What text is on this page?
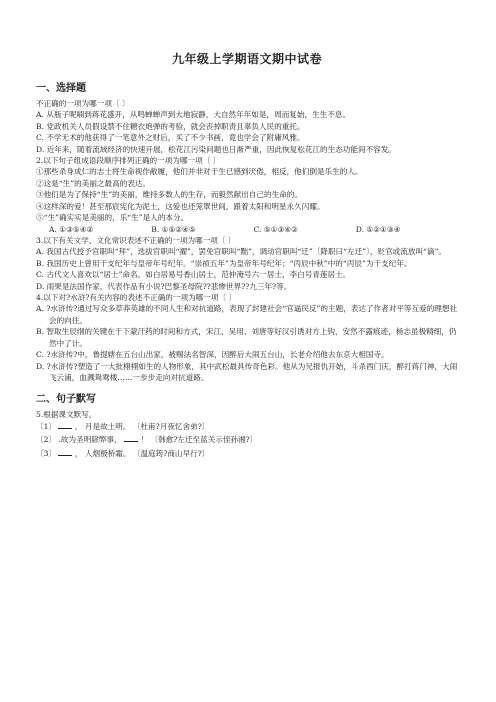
九年级上学期语文期中试卷
一、选择题

不正确的一项为哪一项〔 〕

A. 从瓶子呢喃到蒋花盛开，从鸣蝉蝉声到大地寂静，大自然年年如是，周而复始，生生不息。

B. 党政机关人员假设禁不住糖衣炮弹的考验，就会丧掉职责且辜负人民的重托。

C. 不学无术的他获得了一笔意外之财后，买了不少书画，竟也学会了附庸风雅。

D. 近年来，随着流域经济的快速开展，松花江污染问题也日渐严重，因此恢复松花江的生态功能间不容发。

2.以下句子组成语段顺序排列正确的一项为哪一项〔 〕

①那些杀身成仁的志士将生命视作敝履，他们并非对于生已感到厌倦，相反，他们倒是乐生的人。

②这是“生”的美丽之最高的表达。

③他们是为了保持“生”的美丽，维持多数人的生存，而毅然献出自己的生命的。

④这样深的爱！甚至那宸宪化为泥土，这爱也还笼罩世间，跟着太阳和明星永久闪耀。

⑤“生”确实实是美丽的，乐“生”是人的本分。

A. ①③⑤④②	B. ①⑤②④⑤	C. ⑤①③④②	D. ⑤②①③④

3.以下有关文学、文化常识表述不正确的一项为哪一项〔 〕

A. 我国古代授予官职叫“拜”，选拔官职叫“擢”，罢免官职叫“黜”，调动官职叫“迁”〔降职曰“左迁”〕，贬官或流放叫“谪”。

B. 我国历史上曾用干支纪年与皇帝年号纪年。“崇祯五年”为皇帝年号纪年；“丙辰中秋”中的“丙辰”为干支纪年。

C. 古代文人喜欢以“居士”命名。如白居易号香山居士，范仲淹号六一居士，李白号青莲居士。

D. 雨果是法国作家，代表作品有小说?巴黎圣母院??悲惨世界??九三年?等。

4.以下对?水浒?有关内容的表述不正确的一项为哪一项〔 〕

A. ?水浒传?通过写众多草莽英雄的不同人生和对抗道路，表现了封建社会“官逼民反”的主题，表达了作者对平等互爱的理想社会的向往。

B. 智取生辰纲的关键在于下蒙汗药的时间和方式，宋江、吴用、刘唐等好汉引诱对方上钩，安然不露痕迹，杨志虽极精细，仍然中了计。

C. ?水浒传?中，鲁提辖在五台山出家，被赐法名智深，因醉后大闹五台山，长老介绍他去东京大相国寺。

D. ?水浒传?塑造了一大批栩栩如生的人物形象，其中武松最具传奇色彩。他从为兄报仇开始，斗杀西门庆，醉打蒋门神，大闹飞云浦，血溅鸳鸯楼……一步步走向对抗道路。

二、句子默写

5.根据课文默写。

〔1〕 ， 月是故土明。 〔杜甫?月夜忆舍弟?〕

〔2〕 .故为圣明除弊事， ！ 〔韩愈?左迁至蓝关示侄孙湘?〕

〔3〕 ， 人烟极桥霜。 〔温庭筠?商山早行?〕
